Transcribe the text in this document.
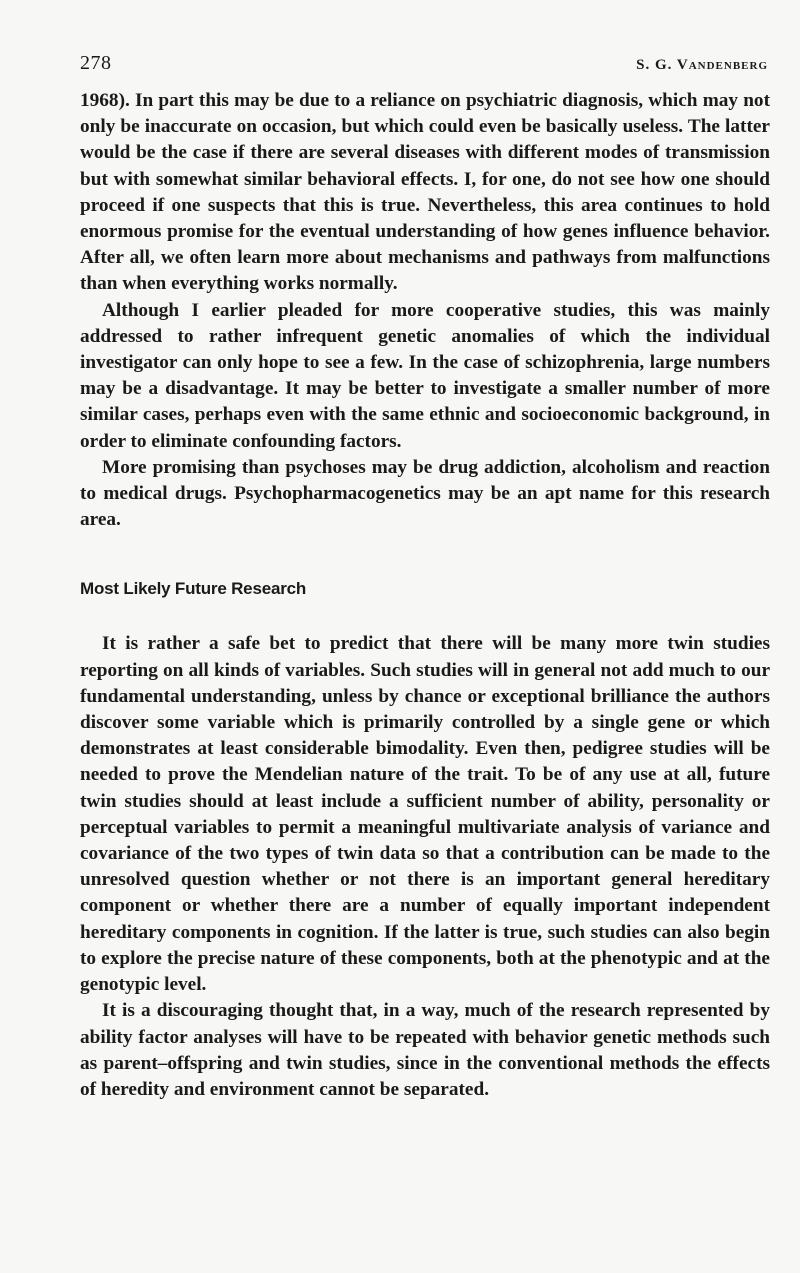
278	S. G. Vandenberg

1968). In part this may be due to a reliance on psychiatric diagnosis, which may not only be inaccurate on occasion, but which could even be basically useless. The latter would be the case if there are several diseases with different modes of transmission but with somewhat similar behavioral effects. I, for one, do not see how one should proceed if one suspects that this is true. Nevertheless, this area continues to hold enormous promise for the eventual understanding of how genes influence behavior. After all, we often learn more about mechanisms and pathways from malfunctions than when everything works normally.

Although I earlier pleaded for more cooperative studies, this was mainly addressed to rather infrequent genetic anomalies of which the individual investigator can only hope to see a few. In the case of schizophrenia, large numbers may be a disadvantage. It may be better to investigate a smaller number of more similar cases, perhaps even with the same ethnic and socioeconomic background, in order to eliminate confounding factors.

More promising than psychoses may be drug addiction, alcoholism and reaction to medical drugs. Psychopharmacogenetics may be an apt name for this research area.

Most Likely Future Research

It is rather a safe bet to predict that there will be many more twin studies reporting on all kinds of variables. Such studies will in general not add much to our fundamental understanding, unless by chance or exceptional brilliance the authors discover some variable which is primarily controlled by a single gene or which demonstrates at least considerable bimodality. Even then, pedigree studies will be needed to prove the Mendelian nature of the trait. To be of any use at all, future twin studies should at least include a sufficient number of ability, personality or perceptual variables to permit a meaningful multivariate analysis of variance and covariance of the two types of twin data so that a contribution can be made to the unresolved question whether or not there is an important general hereditary component or whether there are a number of equally important independent hereditary components in cognition. If the latter is true, such studies can also begin to explore the precise nature of these components, both at the phenotypic and at the genotypic level.

It is a discouraging thought that, in a way, much of the research represented by ability factor analyses will have to be repeated with behavior genetic methods such as parent–offspring and twin studies, since in the conventional methods the effects of heredity and environment cannot be separated.
